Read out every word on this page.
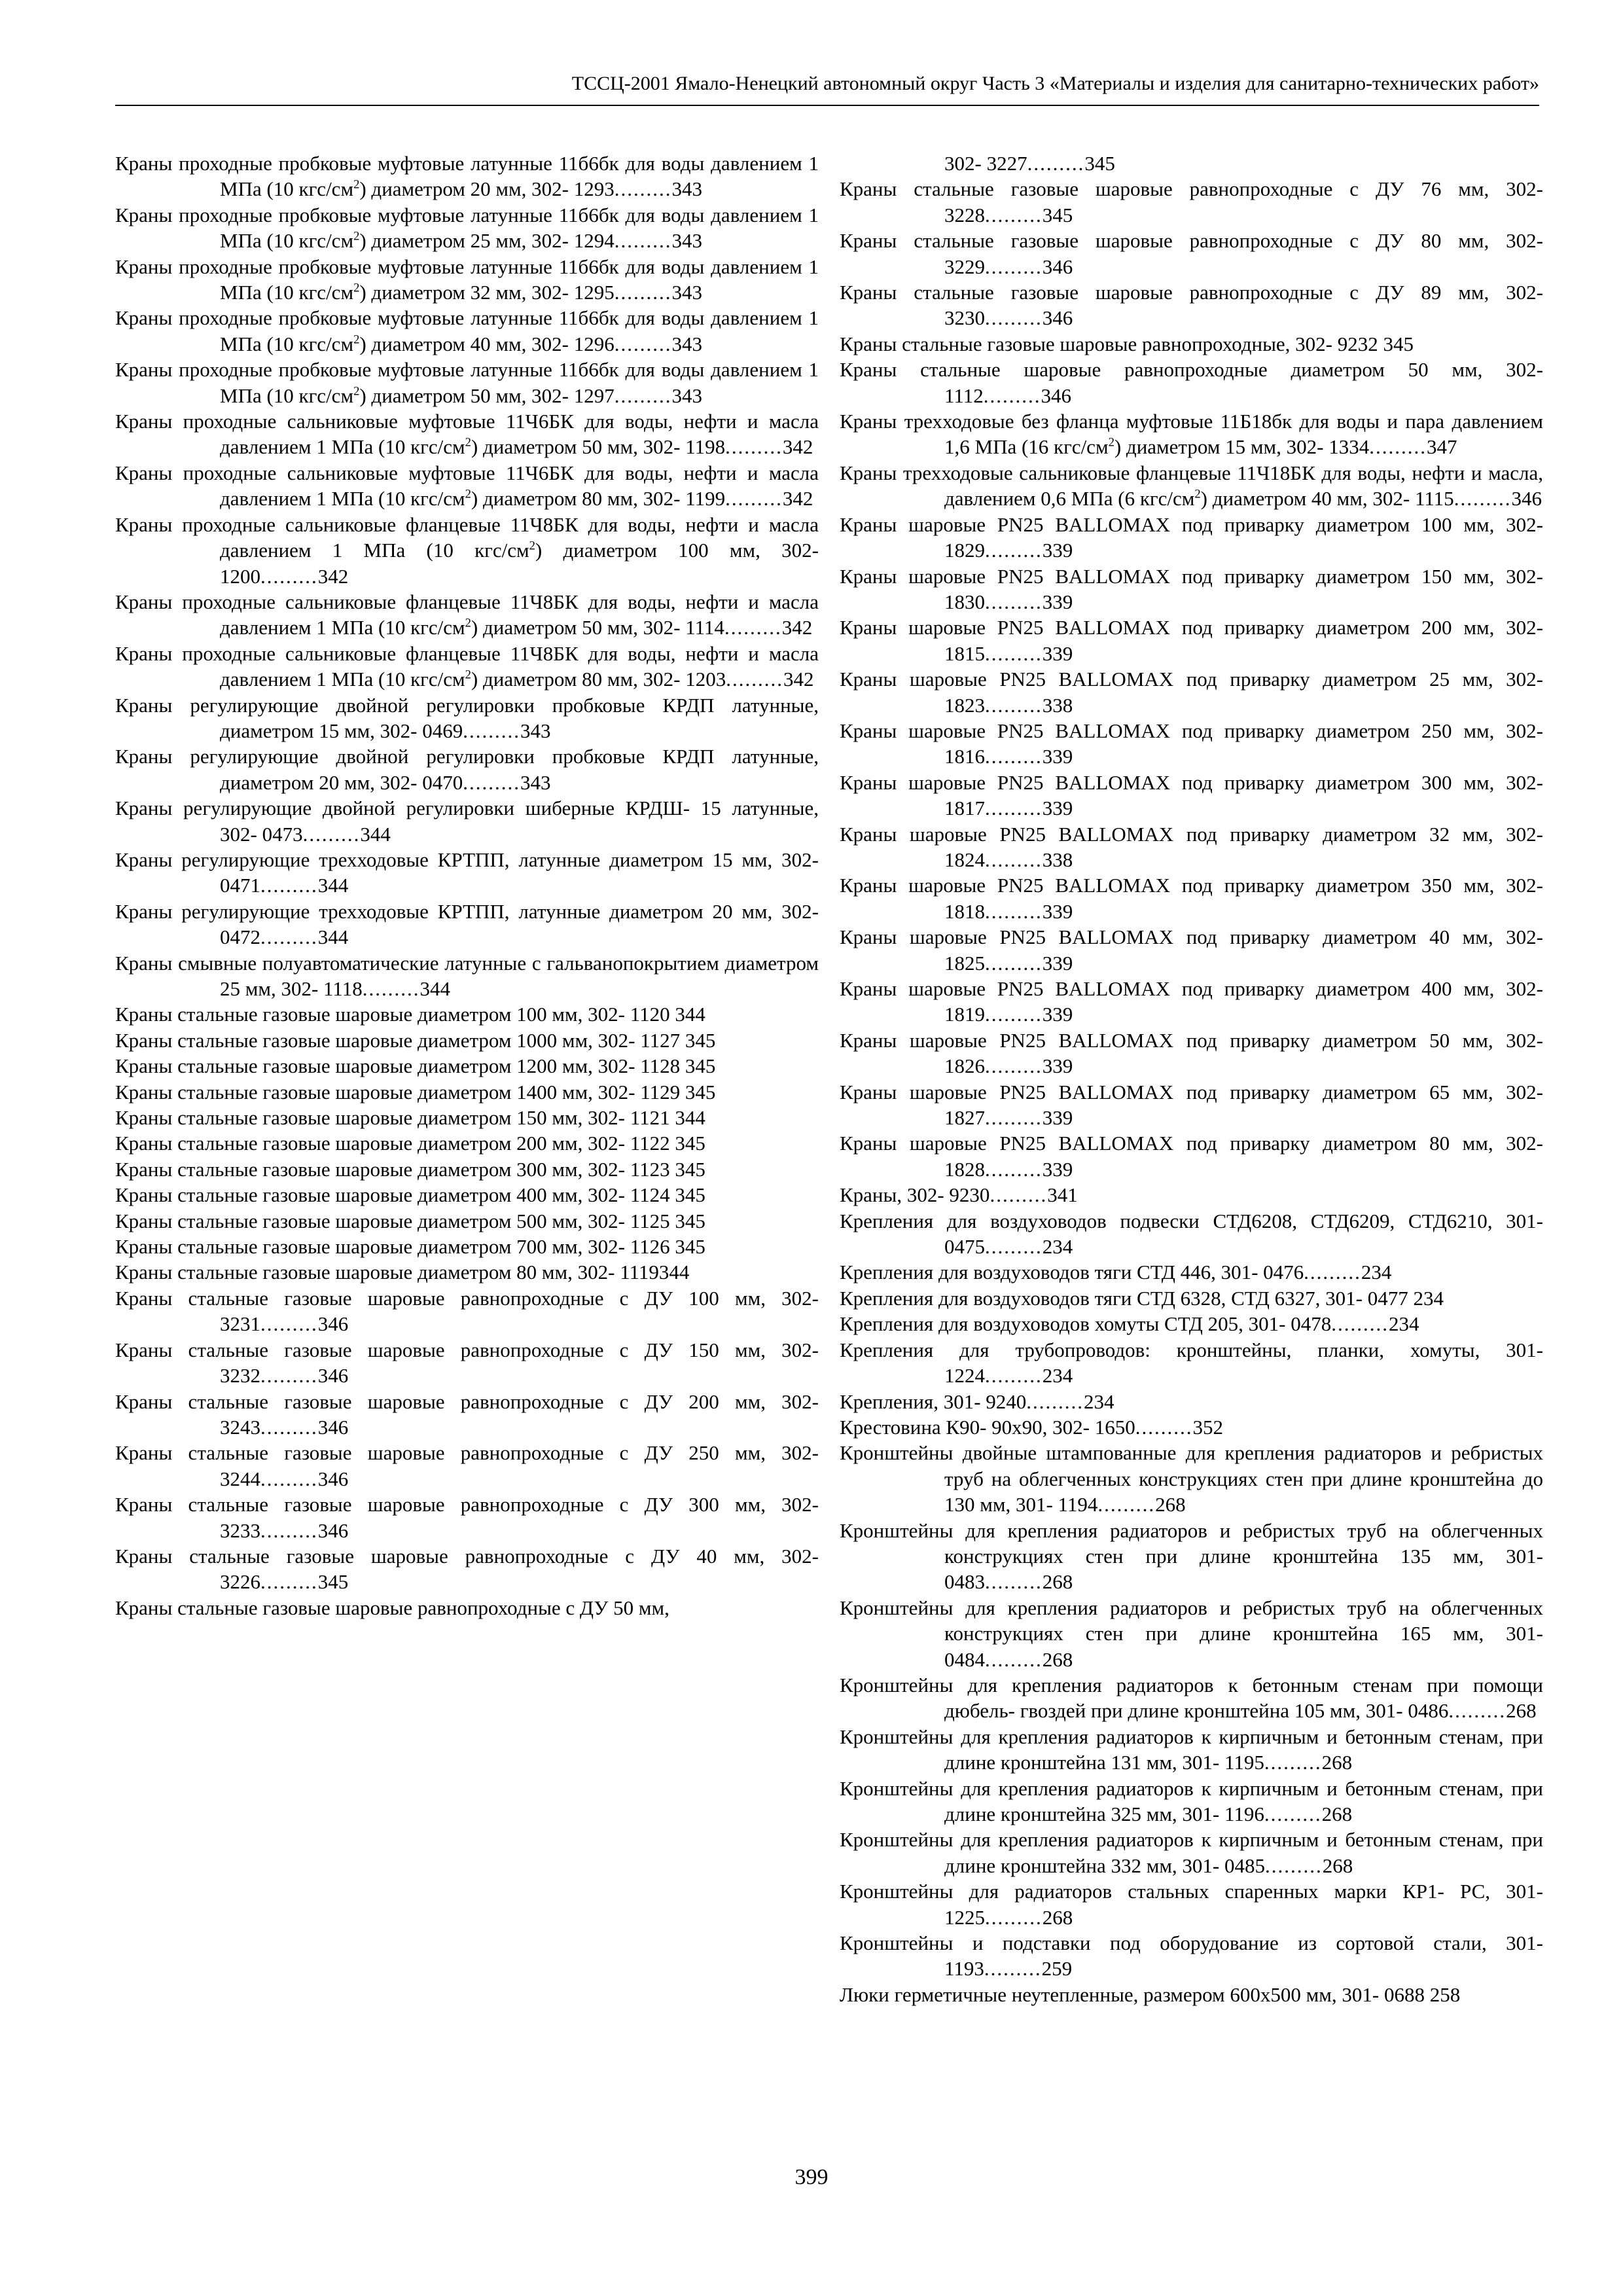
ТССЦ-2001 Ямало-Ненецкий автономный округ Часть 3 «Материалы и изделия для санитарно-технических работ»
Краны проходные пробковые муфтовые латунные 11б6бк для воды давлением 1 МПа (10 кгс/$см^2$) диаметром 20 мм, 302- 1293.........343
Краны проходные пробковые муфтовые латунные 11б6бк для воды давлением 1 МПа (10 кгс/$см^2$) диаметром 25 мм, 302- 1294.........343
Краны проходные пробковые муфтовые латунные 11б6бк для воды давлением 1 МПа (10 кгс/$см^2$) диаметром 32 мм, 302- 1295.........343
Краны проходные пробковые муфтовые латунные 11б6бк для воды давлением 1 МПа (10 кгс/$см^2$) диаметром 40 мм, 302- 1296.........343
Краны проходные пробковые муфтовые латунные 11б6бк для воды давлением 1 МПа (10 кгс/$см^2$) диаметром 50 мм, 302- 1297.........343
Краны проходные сальниковые муфтовые 11Ч6БК для воды, нефти и масла давлением 1 МПа (10 кгс/$см^2$) диаметром 50 мм, 302- 1198.........342
Краны проходные сальниковые муфтовые 11Ч6БК для воды, нефти и масла давлением 1 МПа (10 кгс/$см^2$) диаметром 80 мм, 302- 1199.........342
Краны проходные сальниковые фланцевые 11Ч8БК для воды, нефти и масла давлением 1 МПа (10 кгс/$см^2$) диаметром 100 мм, 302- 1200.........342
Краны проходные сальниковые фланцевые 11Ч8БК для воды, нефти и масла давлением 1 МПа (10 кгс/$см^2$) диаметром 50 мм, 302- 1114.........342
Краны проходные сальниковые фланцевые 11Ч8БК для воды, нефти и масла давлением 1 МПа (10 кгс/$см^2$) диаметром 80 мм, 302- 1203.........342
Краны регулирующие двойной регулировки пробковые КРДП латунные, диаметром 15 мм, 302- 0469.........343
Краны регулирующие двойной регулировки пробковые КРДП латунные, диаметром 20 мм, 302- 0470.........343
Краны регулирующие двойной регулировки шиберные КРДШ- 15 латунные, 302- 0473.........344
Краны регулирующие трехходовые КРТПП, латунные диаметром 15 мм, 302- 0471.........344
Краны регулирующие трехходовые КРТПП, латунные диаметром 20 мм, 302- 0472.........344
Краны смывные полуавтоматические латунные с гальванопокрытием диаметром 25 мм, 302- 1118.........344
Краны стальные газовые шаровые диаметром 100 мм, 302- 1120 344
Краны стальные газовые шаровые диаметром 1000 мм, 302- 1127 345
Краны стальные газовые шаровые диаметром 1200 мм, 302- 1128 345
Краны стальные газовые шаровые диаметром 1400 мм, 302- 1129 345
Краны стальные газовые шаровые диаметром 150 мм, 302- 1121 344
Краны стальные газовые шаровые диаметром 200 мм, 302- 1122 345
Краны стальные газовые шаровые диаметром 300 мм, 302- 1123 345
Краны стальные газовые шаровые диаметром 400 мм, 302- 1124 345
Краны стальные газовые шаровые диаметром 500 мм, 302- 1125 345
Краны стальные газовые шаровые диаметром 700 мм, 302- 1126 345
Краны стальные газовые шаровые диаметром 80 мм, 302- 1119344
Краны стальные газовые шаровые равнопроходные с ДУ 100 мм, 302- 3231.........346
Краны стальные газовые шаровые равнопроходные с ДУ 150 мм, 302- 3232.........346
Краны стальные газовые шаровые равнопроходные с ДУ 200 мм, 302- 3243.........346
Краны стальные газовые шаровые равнопроходные с ДУ 250 мм, 302- 3244.........346
Краны стальные газовые шаровые равнопроходные с ДУ 300 мм, 302- 3233.........346
Краны стальные газовые шаровые равнопроходные с ДУ 40 мм, 302- 3226.........345
Краны стальные газовые шаровые равнопроходные с ДУ 50 мм,
302- 3227.........345
Краны стальные газовые шаровые равнопроходные с ДУ 76 мм, 302- 3228.........345
Краны стальные газовые шаровые равнопроходные с ДУ 80 мм, 302- 3229.........346
Краны стальные газовые шаровые равнопроходные с ДУ 89 мм, 302- 3230.........346
Краны стальные газовые шаровые равнопроходные, 302- 9232 345
Краны стальные шаровые равнопроходные диаметром 50 мм, 302- 1112.........346
Краны трехходовые без фланца муфтовые 11Б18бк для воды и пара давлением 1,6 МПа (16 кгс/$см^2$) диаметром 15 мм, 302- 1334.........347
Краны трехходовые сальниковые фланцевые 11Ч18БК для воды, нефти и масла, давлением 0,6 МПа (6 кгс/$см^2$) диаметром 40 мм, 302- 1115.........346
Краны шаровые PN25 BALLOMAX под приварку диаметром 100 мм, 302- 1829.........339
Краны шаровые PN25 BALLOMAX под приварку диаметром 150 мм, 302- 1830.........339
Краны шаровые PN25 BALLOMAX под приварку диаметром 200 мм, 302- 1815.........339
Краны шаровые PN25 BALLOMAX под приварку диаметром 25 мм, 302- 1823.........338
Краны шаровые PN25 BALLOMAX под приварку диаметром 250 мм, 302- 1816.........339
Краны шаровые PN25 BALLOMAX под приварку диаметром 300 мм, 302- 1817.........339
Краны шаровые PN25 BALLOMAX под приварку диаметром 32 мм, 302- 1824.........338
Краны шаровые PN25 BALLOMAX под приварку диаметром 350 мм, 302- 1818.........339
Краны шаровые PN25 BALLOMAX под приварку диаметром 40 мм, 302- 1825.........339
Краны шаровые PN25 BALLOMAX под приварку диаметром 400 мм, 302- 1819.........339
Краны шаровые PN25 BALLOMAX под приварку диаметром 50 мм, 302- 1826.........339
Краны шаровые PN25 BALLOMAX под приварку диаметром 65 мм, 302- 1827.........339
Краны шаровые PN25 BALLOMAX под приварку диаметром 80 мм, 302- 1828.........339
Краны, 302- 9230.........341
Крепления для воздуховодов подвески СТД6208, СТД6209, СТД6210, 301- 0475.........234
Крепления для воздуховодов тяги СТД 446, 301- 0476.........234
Крепления для воздуховодов тяги СТД 6328, СТД 6327, 301- 0477 234
Крепления для воздуховодов хомуты СТД 205, 301- 0478.........234
Крепления для трубопроводов: кронштейны, планки, хомуты, 301- 1224.........234
Крепления, 301- 9240.........234
Крестовина К90- 90х90, 302- 1650.........352
Кронштейны двойные штампованные для крепления радиаторов и ребристых труб на облегченных конструкциях стен при длине кронштейна до 130 мм, 301- 1194.........268
Кронштейны для крепления радиаторов и ребристых труб на облегченных конструкциях стен при длине кронштейна 135 мм, 301- 0483.........268
Кронштейны для крепления радиаторов и ребристых труб на облегченных конструкциях стен при длине кронштейна 165 мм, 301- 0484.........268
Кронштейны для крепления радиаторов к бетонным стенам при помощи дюбель- гвоздей при длине кронштейна 105 мм, 301- 0486.........268
Кронштейны для крепления радиаторов к кирпичным и бетонным стенам, при длине кронштейна 131 мм, 301- 1195.........268
Кронштейны для крепления радиаторов к кирпичным и бетонным стенам, при длине кронштейна 325 мм, 301- 1196.........268
Кронштейны для крепления радиаторов к кирпичным и бетонным стенам, при длине кронштейна 332 мм, 301- 0485.........268
Кронштейны для радиаторов стальных спаренных марки КР1- РС, 301- 1225.........268
Кронштейны и подставки под оборудование из сортовой стали, 301- 1193.........259
Люки герметичные неутепленные, размером 600х500 мм, 301- 0688 258
399
